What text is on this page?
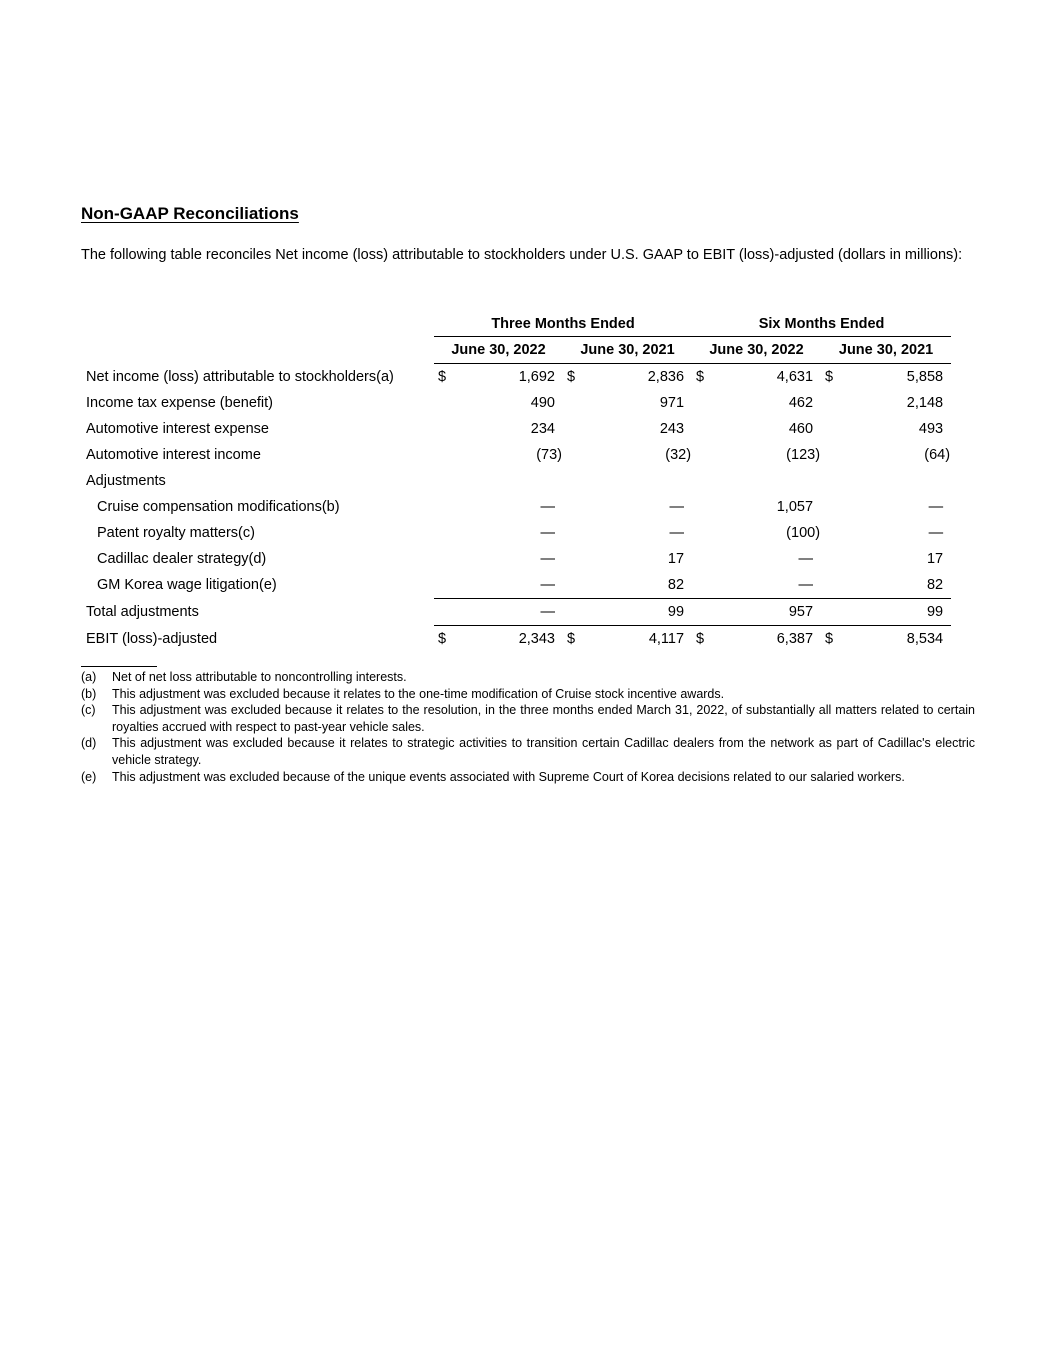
Non-GAAP Reconciliations
The following table reconciles Net income (loss) attributable to stockholders under U.S. GAAP to EBIT (loss)-adjusted (dollars in millions):
	Three Months Ended				Six Months Ended			
	June 30, 2022		June 30, 2021		June 30, 2022		June 30, 2021	
Net income (loss) attributable to stockholders(a)	$	1,692	$	2,836	$	4,631	$	5,858
Income tax expense (benefit)		490		971		462		2,148
Automotive interest expense		234		243		460		493
Automotive interest income		(73)		(32)		(123)		(64)
Adjustments								
Cruise compensation modifications(b)		—		—		1,057		—
Patent royalty matters(c)		—		—		(100)		—
Cadillac dealer strategy(d)		—		17		—		17
GM Korea wage litigation(e)		—		82		—		82
Total adjustments		—		99		957		99
EBIT (loss)-adjusted	$	2,343	$	4,117	$	6,387	$	8,534
(a)	Net of net loss attributable to noncontrolling interests.
(b)	This adjustment was excluded because it relates to the one-time modification of Cruise stock incentive awards.
(c)	This adjustment was excluded because it relates to the resolution, in the three months ended March 31, 2022, of substantially all matters related to certain royalties accrued with respect to past-year vehicle sales.
(d)	This adjustment was excluded because it relates to strategic activities to transition certain Cadillac dealers from the network as part of Cadillac's electric vehicle strategy.
(e)	This adjustment was excluded because of the unique events associated with Supreme Court of Korea decisions related to our salaried workers.
